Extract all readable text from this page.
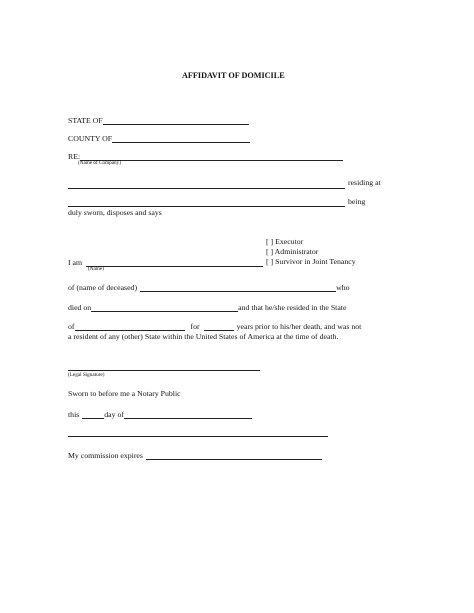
AFFIDAVIT OF DOMICILE
STATE OF
COUNTY OF
RE:
(Name of Company)
residing at
being
duly sworn, disposes and says
[ ] Executor
[ ] Administrator
[ ] Survivor in Joint Tenancy
I am
(Name)
of (name of deceased)	who
died on	and that he/she resided in the State
of	for	years prior to his/her death, and was not
a resident of any (other) State within the United States of America at the time of death.
(Legal Signature)
Sworn to before me a Notary Public
this	day of
My commission expires
